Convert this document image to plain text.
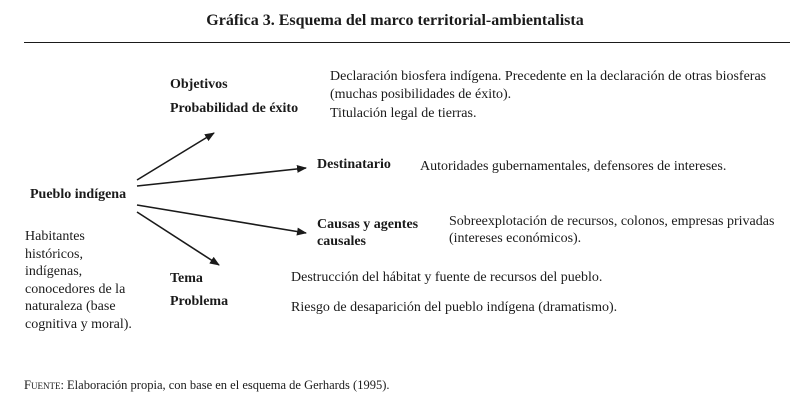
Gráfica 3. Esquema del marco territorial-ambientalista
Pueblo indígena
Habitantes
históricos,
indígenas,
conocedores de la
naturaleza (base
cognitiva y moral).
Objetivos
Probabilidad de éxito
Declaración biosfera indígena. Precedente en la declaración de otras biosferas
(muchas posibilidades de éxito).
Titulación legal de tierras.
Destinatario Autoridades gubernamentales, defensores de intereses.
Causas y agentes
causales
Sobreexplotación de recursos, colonos, empresas privadas
(intereses económicos).
Tema
Problema
Destrucción del hábitat y fuente de recursos del pueblo.
Riesgo de desaparición del pueblo indígena (dramatismo).
Fuente: Elaboración propia, con base en el esquema de Gerhards (1995).
